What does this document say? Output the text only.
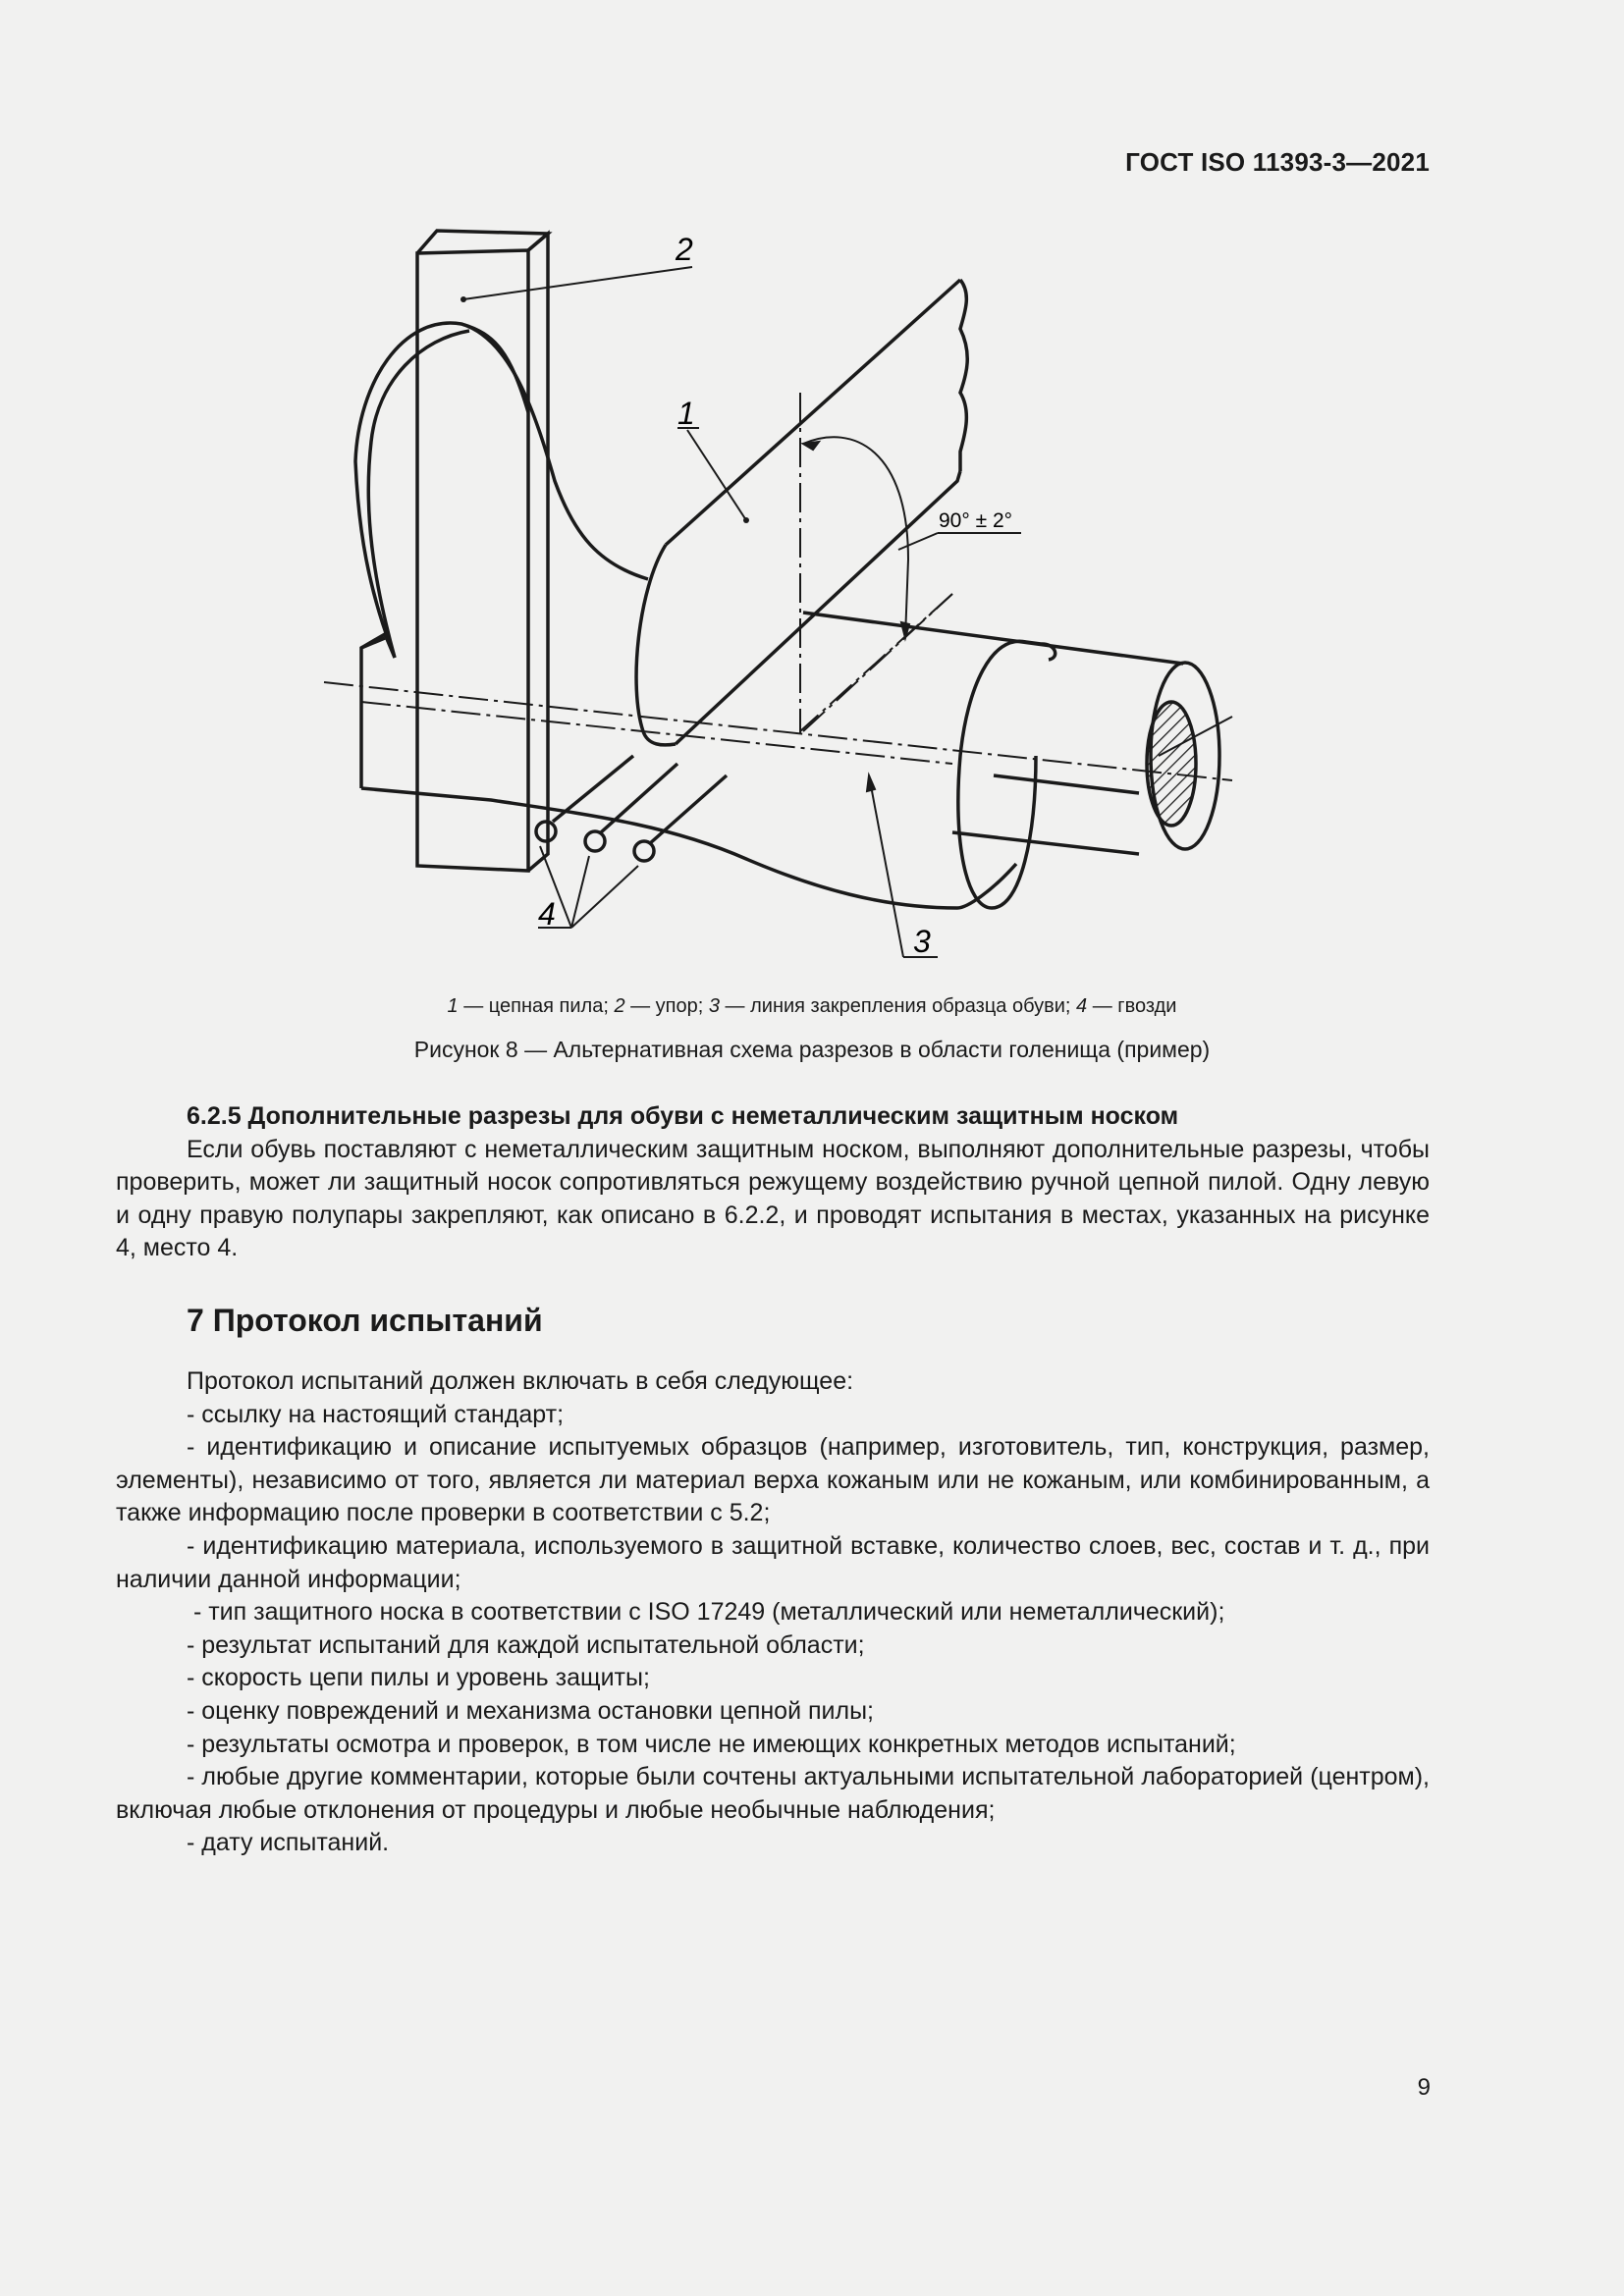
ГОСТ ISO 11393-3—2021
90° ± 2°
2
1
3
4
1 — цепная пила; 2 — упор; 3 — линия закрепления образца обуви; 4 — гвозди
Рисунок 8 — Альтернативная схема разрезов в области голенища (пример)

6.2.5 Дополнительные разрезы для обуви с неметаллическим защитным носком

Если обувь поставляют с неметаллическим защитным носком, выполняют дополнительные разрезы, чтобы проверить, может ли защитный носок сопротивляться режущему воздействию ручной цепной пилой. Одну левую и одну правую полупары закрепляют, как описано в 6.2.2, и проводят испытания в местах, указанных на рисунке 4, место 4.

7 Протокол испытаний

Протокол испытаний должен включать в себя следующее:

- ссылку на настоящий стандарт;

- идентификацию и описание испытуемых образцов (например, изготовитель, тип, конструкция, размер, элементы), независимо от того, является ли материал верха кожаным или не кожаным, или комбинированным, а также информацию после проверки в соответствии с 5.2;

- идентификацию материала, используемого в защитной вставке, количество слоев, вес, состав и т. д., при наличии данной информации;

- тип защитного носка в соответствии с ISO 17249 (металлический или неметаллический);

- результат испытаний для каждой испытательной области;

- скорость цепи пилы и уровень защиты;

- оценку повреждений и механизма остановки цепной пилы;

- результаты осмотра и проверок, в том числе не имеющих конкретных методов испытаний;

- любые другие комментарии, которые были сочтены актуальными испытательной лабораторией (центром), включая любые отклонения от процедуры и любые необычные наблюдения;

- дату испытаний.

9
